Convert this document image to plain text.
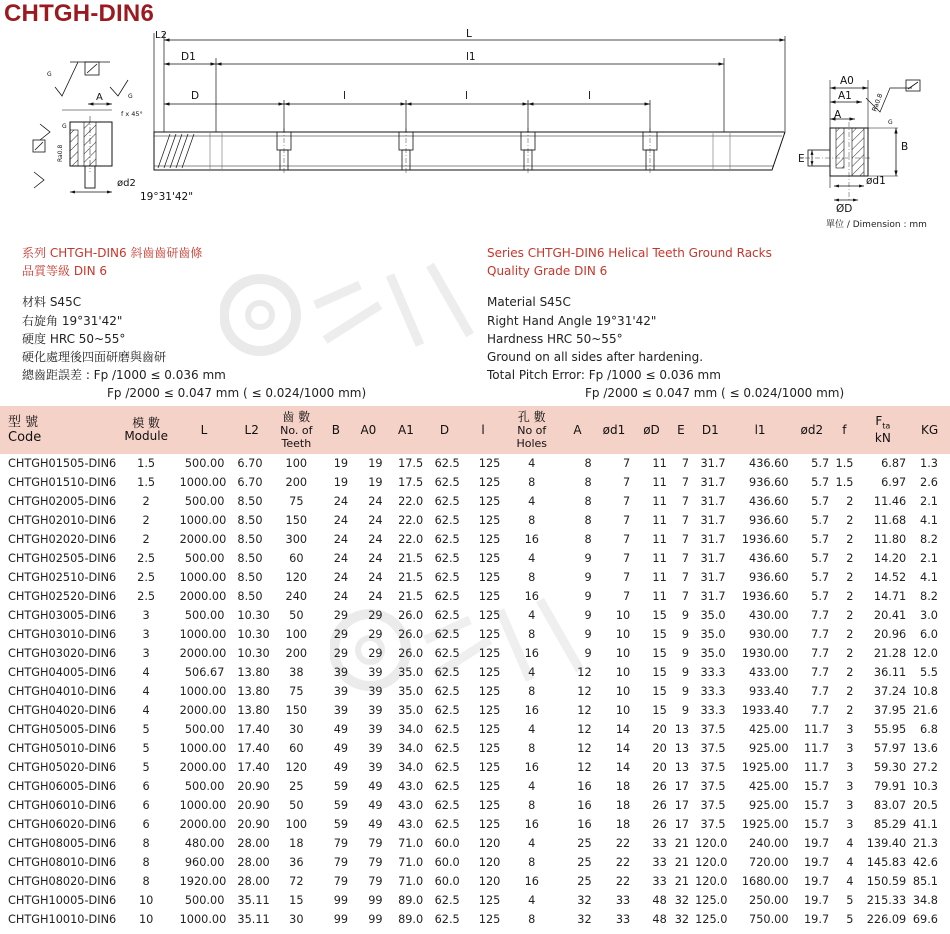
CHTGH-DIN6
G
G
A
f x 45°
ød2
19°31'42"
Ra0.8
G
L2	L
D1	l1
D	l	l	l
A0
A1
A
Ra0.8
G
E
B
ød1
ØD
單位 / Dimension : mm
系列 CHTGH-DIN6 斜齒齒研齒條
品質等級 DIN 6
材料 S45C
右旋角 19°31'42"
硬度 HRC 50~55°
硬化處理後四面研磨與齒研
總齒距誤差 : Fp /1000 ≤ 0.036 mm
Fp /2000 ≤ 0.047 mm ( ≤ 0.024/1000 mm)
Series CHTGH-DIN6 Helical Teeth Ground Racks
Quality Grade DIN 6
Material S45C
Right Hand Angle 19°31'42"
Hardness HRC 50~55°
Ground on all sides after hardening.
Total Pitch Error: Fp /1000 ≤ 0.036 mm
Fp /2000 ≤ 0.047 mm ( ≤ 0.024/1000 mm)
型 號
Code	模 數
Module	L	L2	齒 數
No. of
Teeth	B	A0	A1	D	l	孔 數
No of
Holes	A	ød1	øD	E	D1	l1	ød2	f	$F_{ta}$
kN	KG
CHTGH01505-DIN6	1.5	500.00	6.70	100	19	19	17.5	62.5	125	4	8	7	11	7	31.7	436.60	5.7	1.5	6.87	1.3
CHTGH01510-DIN6	1.5	1000.00	6.70	200	19	19	17.5	62.5	125	8	8	7	11	7	31.7	936.60	5.7	1.5	6.97	2.6
CHTGH02005-DIN6	2	500.00	8.50	75	24	24	22.0	62.5	125	4	8	7	11	7	31.7	436.60	5.7	2	11.46	2.1
CHTGH02010-DIN6	2	1000.00	8.50	150	24	24	22.0	62.5	125	8	8	7	11	7	31.7	936.60	5.7	2	11.68	4.1
CHTGH02020-DIN6	2	2000.00	8.50	300	24	24	22.0	62.5	125	16	8	7	11	7	31.7	1936.60	5.7	2	11.80	8.2
CHTGH02505-DIN6	2.5	500.00	8.50	60	24	24	21.5	62.5	125	4	9	7	11	7	31.7	436.60	5.7	2	14.20	2.1
CHTGH02510-DIN6	2.5	1000.00	8.50	120	24	24	21.5	62.5	125	8	9	7	11	7	31.7	936.60	5.7	2	14.52	4.1
CHTGH02520-DIN6	2.5	2000.00	8.50	240	24	24	21.5	62.5	125	16	9	7	11	7	31.7	1936.60	5.7	2	14.71	8.2
CHTGH03005-DIN6	3	500.00	10.30	50	29	29	26.0	62.5	125	4	9	10	15	9	35.0	430.00	7.7	2	20.41	3.0
CHTGH03010-DIN6	3	1000.00	10.30	100	29	29	26.0	62.5	125	8	9	10	15	9	35.0	930.00	7.7	2	20.96	6.0
CHTGH03020-DIN6	3	2000.00	10.30	200	29	29	26.0	62.5	125	16	9	10	15	9	35.0	1930.00	7.7	2	21.28	12.0
CHTGH04005-DIN6	4	506.67	13.80	38	39	39	35.0	62.5	125	4	12	10	15	9	33.3	433.00	7.7	2	36.11	5.5
CHTGH04010-DIN6	4	1000.00	13.80	75	39	39	35.0	62.5	125	8	12	10	15	9	33.3	933.40	7.7	2	37.24	10.8
CHTGH04020-DIN6	4	2000.00	13.80	150	39	39	35.0	62.5	125	16	12	10	15	9	33.3	1933.40	7.7	2	37.95	21.6
CHTGH05005-DIN6	5	500.00	17.40	30	49	39	34.0	62.5	125	4	12	14	20	13	37.5	425.00	11.7	3	55.95	6.8
CHTGH05010-DIN6	5	1000.00	17.40	60	49	39	34.0	62.5	125	8	12	14	20	13	37.5	925.00	11.7	3	57.97	13.6
CHTGH05020-DIN6	5	2000.00	17.40	120	49	39	34.0	62.5	125	16	12	14	20	13	37.5	1925.00	11.7	3	59.30	27.2
CHTGH06005-DIN6	6	500.00	20.90	25	59	49	43.0	62.5	125	4	16	18	26	17	37.5	425.00	15.7	3	79.91	10.3
CHTGH06010-DIN6	6	1000.00	20.90	50	59	49	43.0	62.5	125	8	16	18	26	17	37.5	925.00	15.7	3	83.07	20.5
CHTGH06020-DIN6	6	2000.00	20.90	100	59	49	43.0	62.5	125	16	16	18	26	17	37.5	1925.00	15.7	3	85.29	41.1
CHTGH08005-DIN6	8	480.00	28.00	18	79	79	71.0	60.0	120	4	25	22	33	21	120.0	240.00	19.7	4	139.40	21.3
CHTGH08010-DIN6	8	960.00	28.00	36	79	79	71.0	60.0	120	8	25	22	33	21	120.0	720.00	19.7	4	145.83	42.6
CHTGH08020-DIN6	8	1920.00	28.00	72	79	79	71.0	60.0	120	16	25	22	33	21	120.0	1680.00	19.7	4	150.59	85.1
CHTGH10005-DIN6	10	500.00	35.11	15	99	99	89.0	62.5	125	4	32	33	48	32	125.0	250.00	19.7	5	215.33	34.8
CHTGH10010-DIN6	10	1000.00	35.11	30	99	99	89.0	62.5	125	8	32	33	48	32	125.0	750.00	19.7	5	226.09	69.6
